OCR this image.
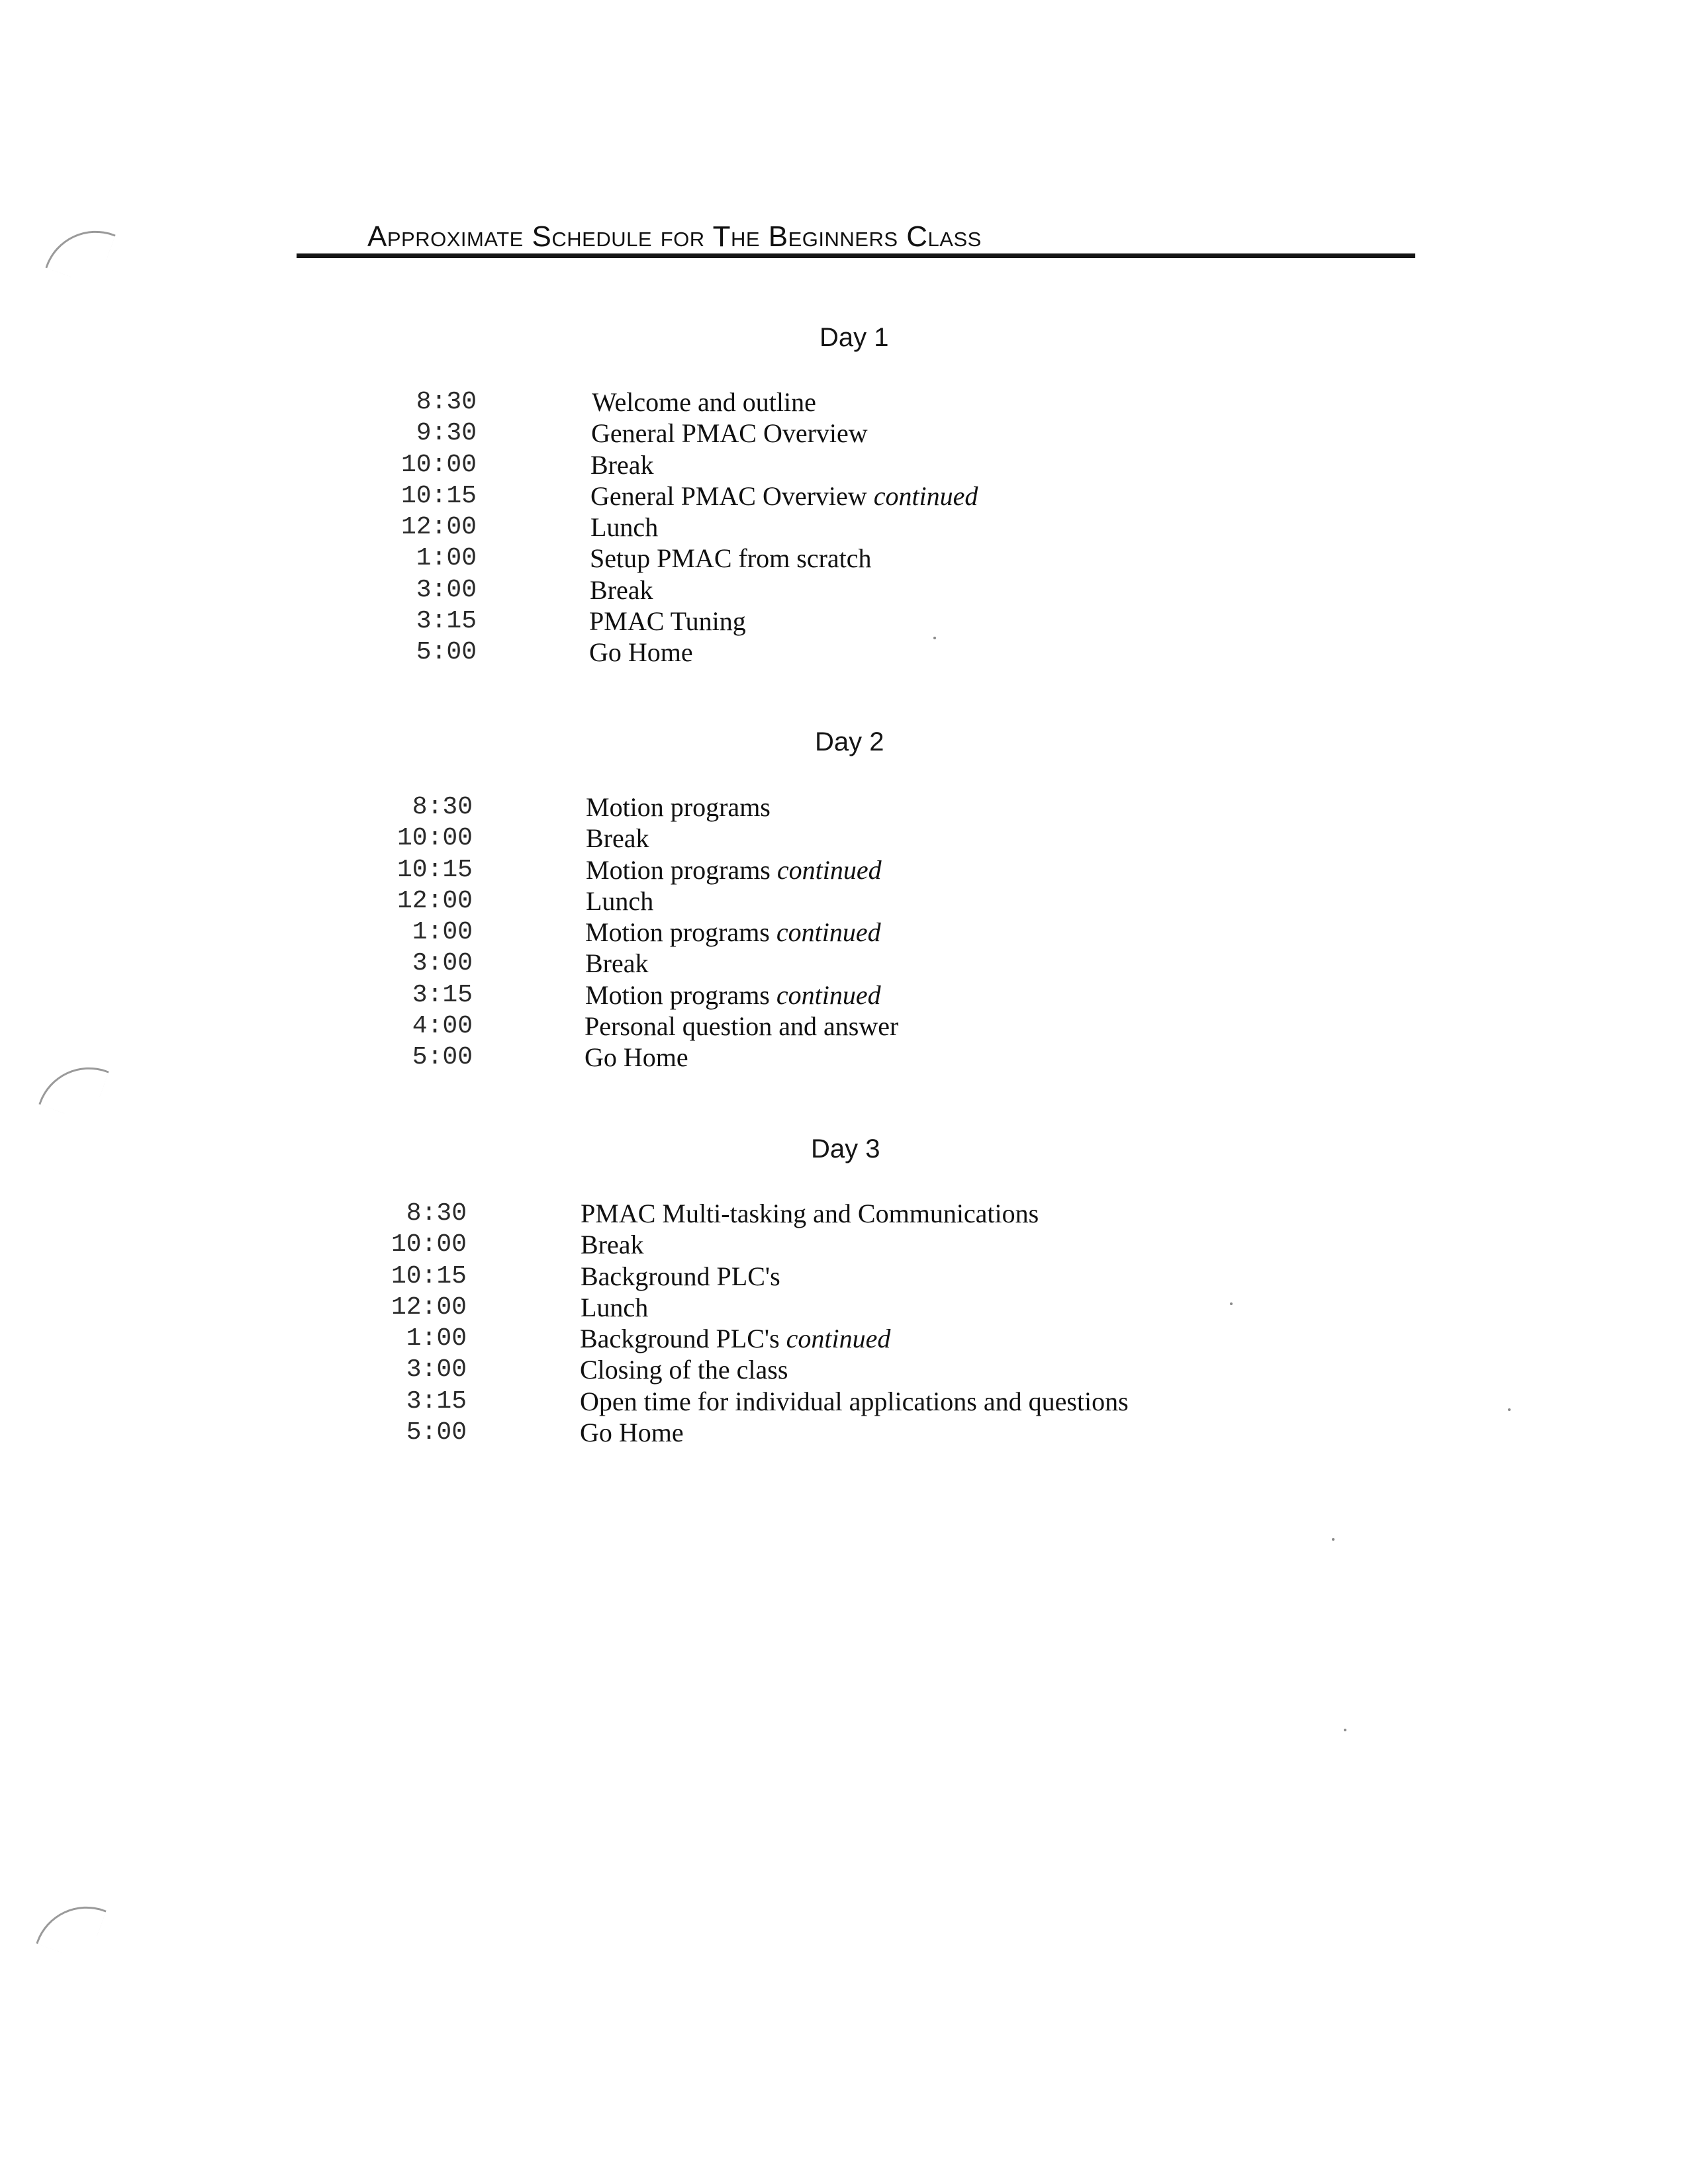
Approximate Schedule for The Beginners Class
Day 1
8:30	Welcome and outline
9:30	General PMAC Overview
10:00	Break
10:15	General PMAC Overview continued
12:00	Lunch
1:00	Setup PMAC from scratch
3:00	Break
3:15	PMAC Tuning
5:00	Go Home
Day 2
8:30	Motion programs
10:00	Break
10:15	Motion programs continued
12:00	Lunch
1:00	Motion programs continued
3:00	Break
3:15	Motion programs continued
4:00	Personal question and answer
5:00	Go Home
Day 3
8:30	PMAC Multi-tasking and Communications
10:00	Break
10:15	Background PLC's
12:00	Lunch
1:00	Background PLC's continued
3:00	Closing of the class
3:15	Open time for individual applications and questions
5:00	Go Home
